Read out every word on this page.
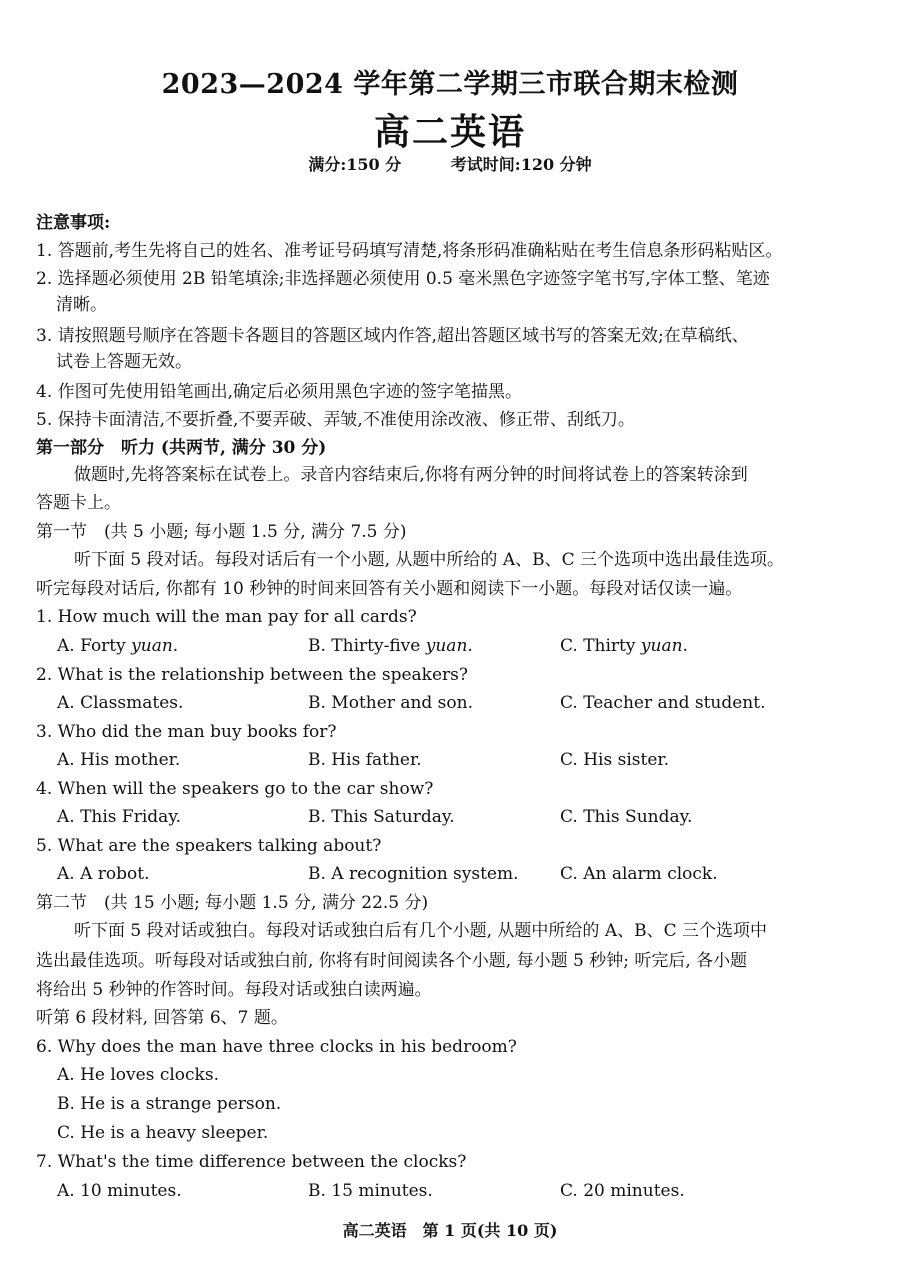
2023—2024 学年第二学期三市联合期末检测
高二英语
满分:150 分	考试时间:120 分钟
注意事项:
1. 答题前,考生先将自己的姓名、准考证号码填写清楚,将条形码准确粘贴在考生信息条形码粘贴区。
2. 选择题必须使用 2B 铅笔填涂;非选择题必须使用 0.5 毫米黑色字迹签字笔书写,字体工整、笔迹
清晰。
3. 请按照题号顺序在答题卡各题目的答题区域内作答,超出答题区域书写的答案无效;在草稿纸、
试卷上答题无效。
4. 作图可先使用铅笔画出,确定后必须用黑色字迹的签字笔描黑。
5. 保持卡面清洁,不要折叠,不要弄破、弄皱,不准使用涂改液、修正带、刮纸刀。
第一部分　听力 (共两节, 满分 30 分)
做题时,先将答案标在试卷上。录音内容结束后,你将有两分钟的时间将试卷上的答案转涂到
答题卡上。
第一节　(共 5 小题; 每小题 1.5 分, 满分 7.5 分)
听下面 5 段对话。每段对话后有一个小题, 从题中所给的 A、B、C 三个选项中选出最佳选项。
听完每段对话后, 你都有 10 秒钟的时间来回答有关小题和阅读下一小题。每段对话仅读一遍。
1. How much will the man pay for all cards?
A. Forty yuan.	B. Thirty-five yuan.	C. Thirty yuan.
2. What is the relationship between the speakers?
A. Classmates.	B. Mother and son.	C. Teacher and student.
3. Who did the man buy books for?
A. His mother.	B. His father.	C. His sister.
4. When will the speakers go to the car show?
A. This Friday.	B. This Saturday.	C. This Sunday.
5. What are the speakers talking about?
A. A robot.	B. A recognition system. C. An alarm clock.
第二节　(共 15 小题; 每小题 1.5 分, 满分 22.5 分)
听下面 5 段对话或独白。每段对话或独白后有几个小题, 从题中所给的 A、B、C 三个选项中
选出最佳选项。听每段对话或独白前, 你将有时间阅读各个小题, 每小题 5 秒钟; 听完后, 各小题
将给出 5 秒钟的作答时间。每段对话或独白读两遍。
听第 6 段材料, 回答第 6、7 题。
6. Why does the man have three clocks in his bedroom?
A. He loves clocks.
B. He is a strange person.
C. He is a heavy sleeper.
7. What's the time difference between the clocks?
A. 10 minutes.	B. 15 minutes.	C. 20 minutes.
高二英语　第 1 页(共 10 页)
